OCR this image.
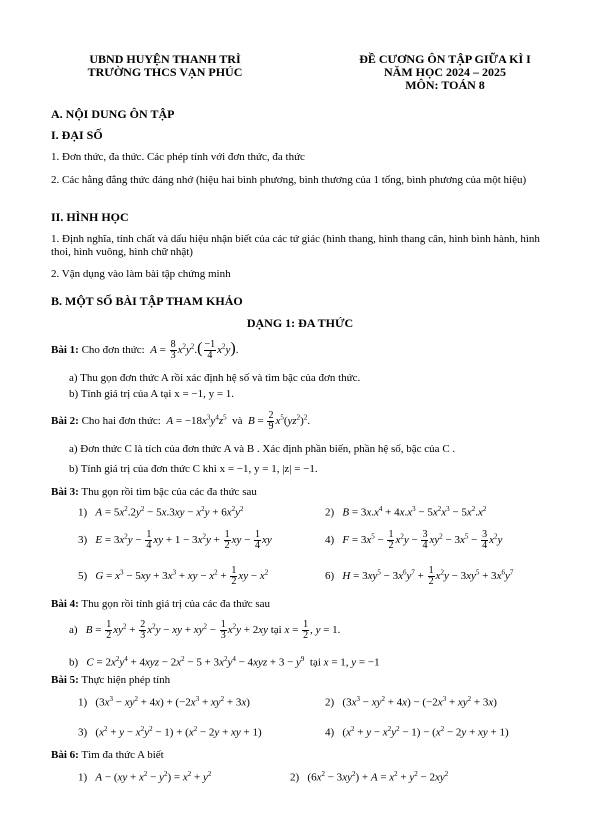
UBND HUYỆN THANH TRÌ
TRƯỜNG THCS VẠN PHÚC
ĐỀ CƯƠNG ÔN TẬP GIỮA KÌ I
NĂM HỌC 2024 – 2025
MÔN: TOÁN 8
A. NỘI DUNG ÔN TẬP
I. ĐẠI SỐ
1. Đơn thức, đa thức. Các phép tính với đơn thức, đa thức
2. Các hằng đẳng thức đáng nhớ (hiệu hai bình phương, bình thương của 1 tổng, bình phương của một hiệu)
II. HÌNH HỌC
1. Định nghĩa, tính chất và dấu hiệu nhận biết của các tứ giác (hình thang, hình thang cân, hình bình hành, hình thoi, hình vuông, hình chữ nhật)
2. Vận dụng vào làm bài tập chứng minh
B. MỘT SỐ BÀI TẬP THAM KHẢO
DẠNG 1: ĐA THỨC
Bài 1: Cho đơn thức:  $A = \frac{8}{3} x^2y^2.( \frac{-1}{4} x^2y)$.
a) Thu gọn đơn thức A rồi xác định hệ số và tìm bậc của đơn thức.
b) Tính giá trị của A tại x = −1, y = 1.
Bài 2: Cho hai đơn thức: $A = -18x^3y^4z^5$  và  $B = \frac{2}{9} x^5(yz^2)^2$.
a) Đơn thức C là tích của đơn thức A và B . Xác định phần biến, phần hệ số, bậc của C .
b) Tính giá trị của đơn thức C khi x = −1, y = 1, |z| = −1.
Bài 3: Thu gọn rồi tìm bậc của các đa thức sau
1)   $A = 5x^2.2y^2 - 5x.3xy - x^2y + 6x^2y^2$	2)   $B = 3x.x^4 + 4x.x^3 - 5x^2x^3 - 5x^2.x^2$
3)   $E = 3x^2y - \frac{1}{4}$ xy + $1 - 3x^2y + \frac{1}{2}$ xy − $\frac{1}{4}$ xy	4)   $F = 3x^5 - \frac{1}{2} x^2y - \frac{3}{4} xy^2 - 3x^5 - \frac{3}{4} x^2y$
5)   $G = x^3 - 5xy + 3x^3$ + xy − $x^2 + \frac{1}{2}$ xy − $x^2$	6)   $H = 3xy^5 - 3x^6y^7 + \frac{1}{2} x^2y - 3xy^5 + 3x^6y^7$
Bài 4: Thu gọn rồi tính giá trị của các đa thức sau
a)   $B = \frac{1}{2} xy^2 + \frac{2}{3} x^2y$ − xy + $xy^2 - \frac{1}{3} x^2y + 2xy$ tại $x = \frac{1}{2}$ , y = 1.
b)   $C = 2x^2y^4 + 4xyz - 2x^2 - 5 + 3x^2y^4 - 4xyz + 3 - y^9$  tại x = 1, y = −1
Bài 5: Thực hiện phép tính
1)   $(3x^3 - xy^2 + 4x) + (-2x^3 + xy^2 + 3x)$	2)   $(3x^3 - xy^2 + 4x) - (-2x^3 + xy^2 + 3x)$
3)   $(x^2 + y - x^2y^2 - 1) + (x^2 - 2y$ + xy + 1)	4)   $(x^2 + y - x^2y^2 - 1) - (x^2 - 2y$ + xy + 1)
Bài 6: Tìm đa thức A biết
1)   $A - (xy + x^2 - y^2) = x^2 + y^2$	2)   $(6x^2 - 3xy^2) + A = x^2 + y^2 - 2xy^2$
